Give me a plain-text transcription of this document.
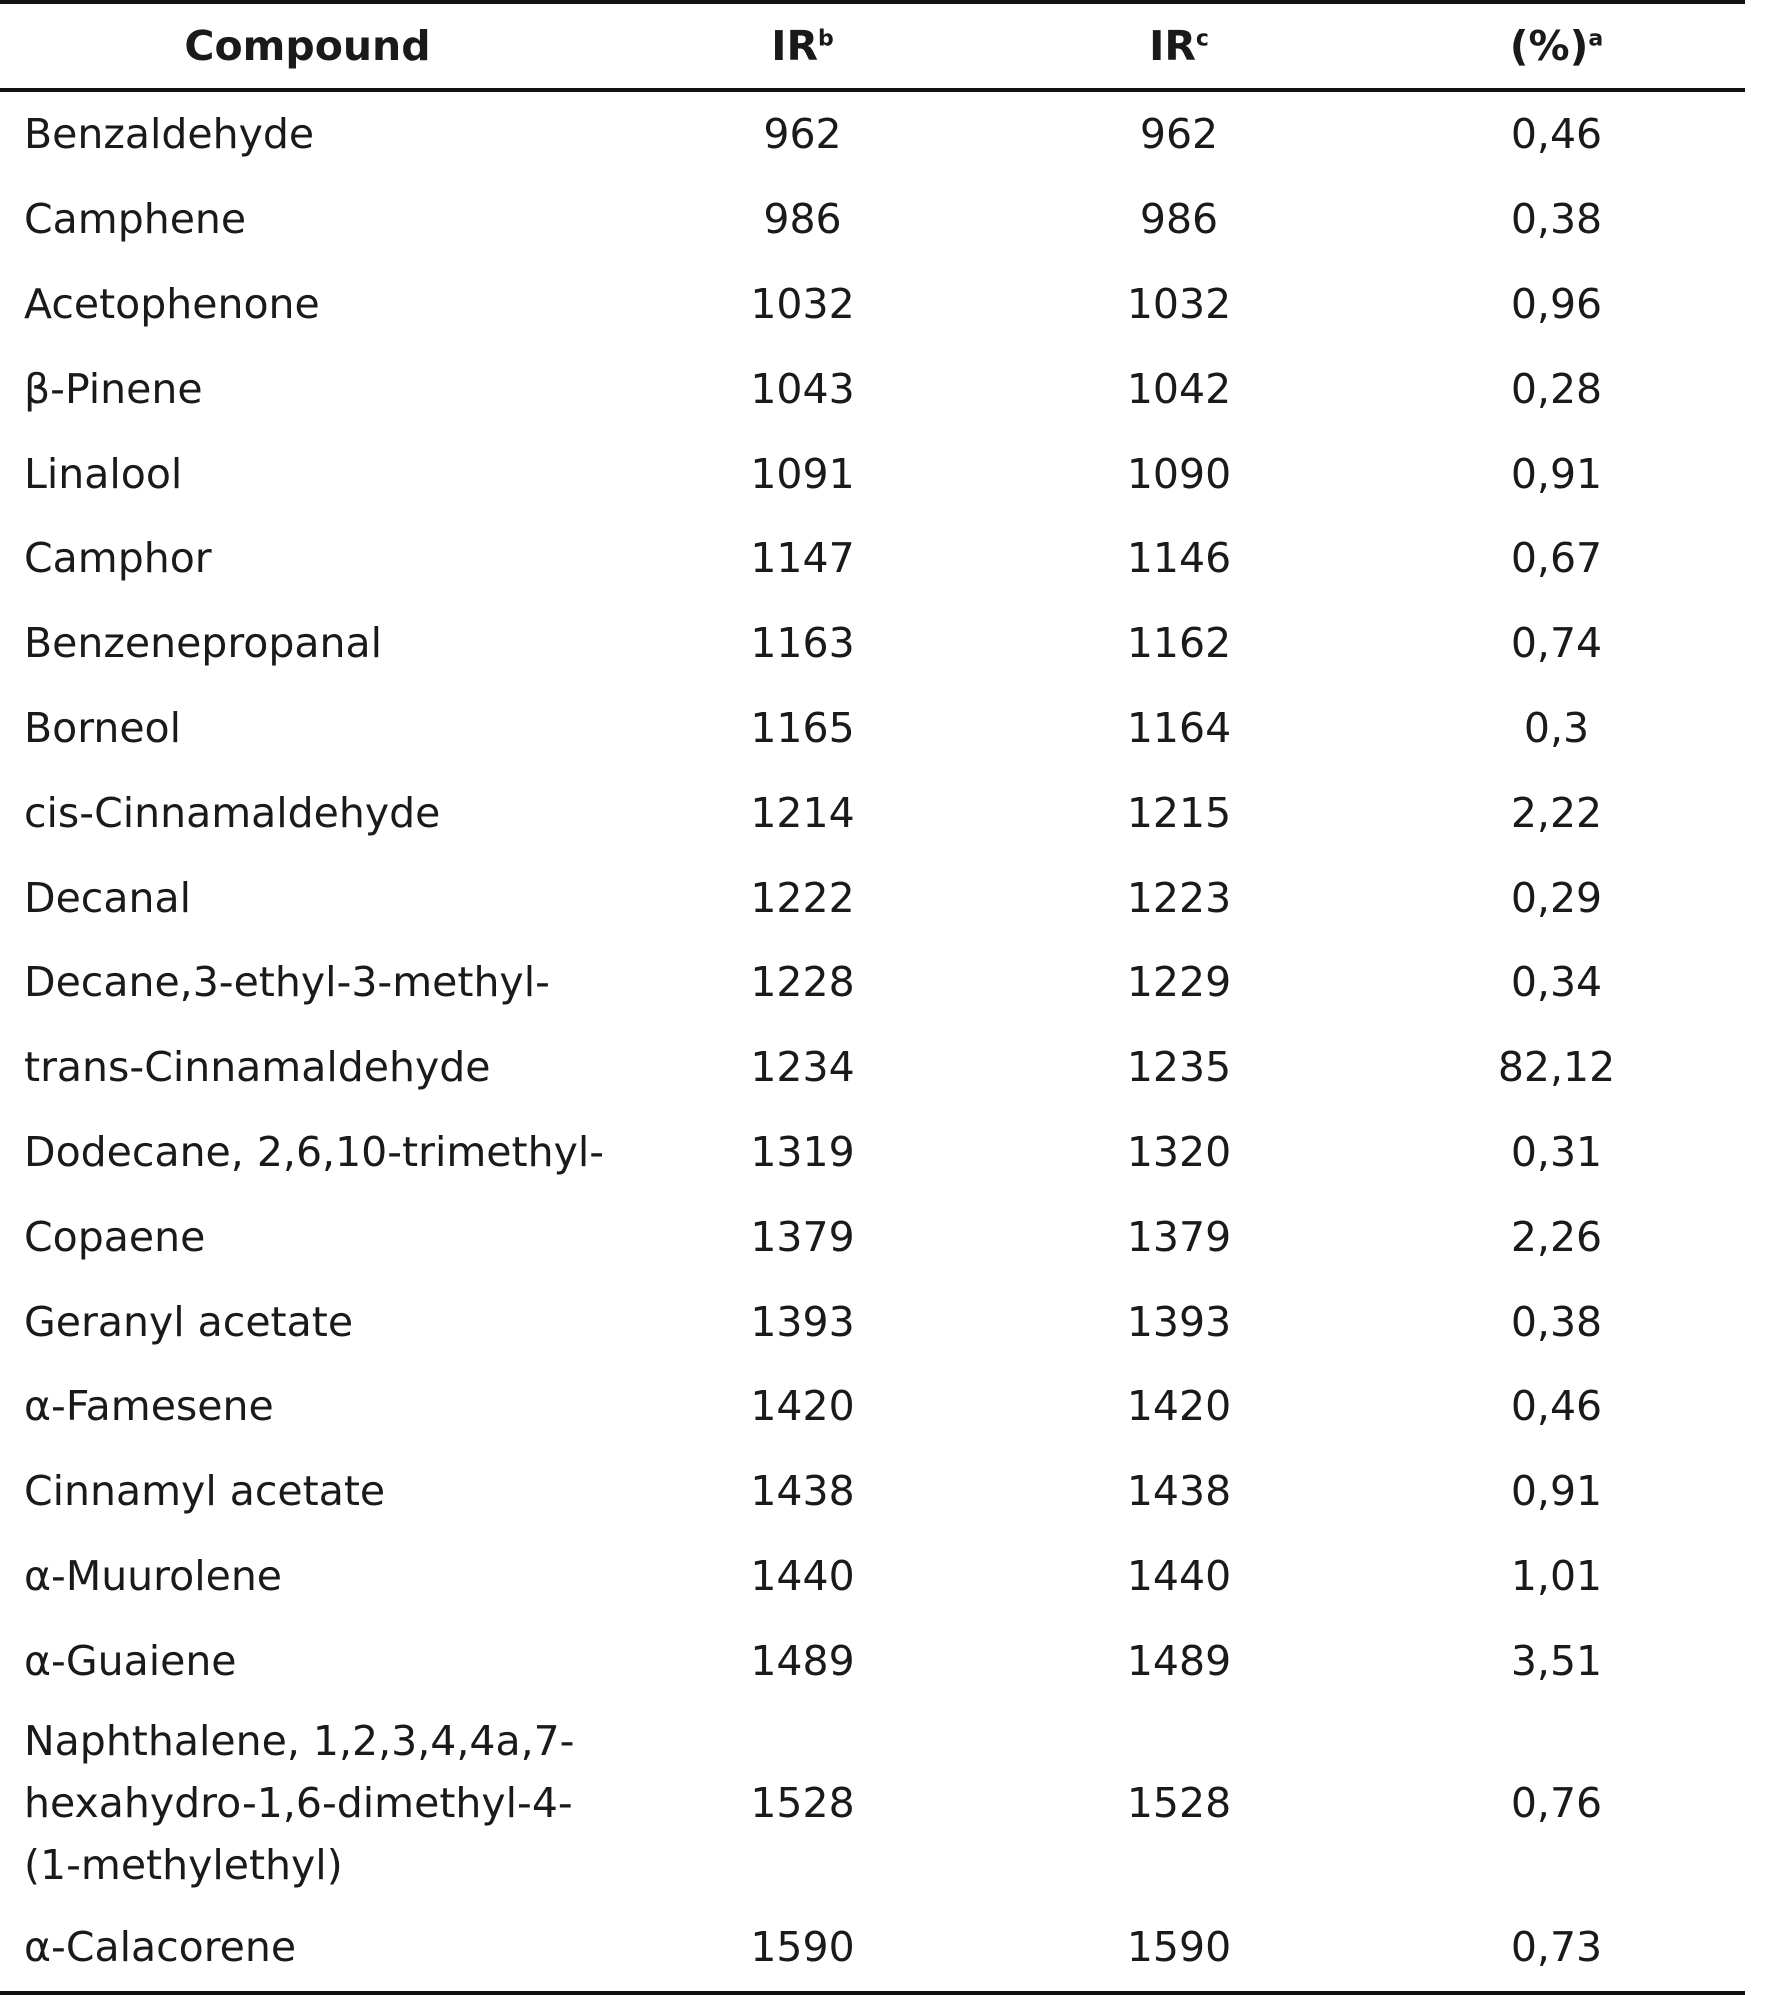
Compound	$IR^b$	$IR^c$	(%)$^a$
Benzaldehyde	962	962	0,46
Camphene	986	986	0,38
Acetophenone	1032	1032	0,96
β-Pinene	1043	1042	0,28
Linalool	1091	1090	0,91
Camphor	1147	1146	0,67
Benzenepropanal	1163	1162	0,74
Borneol	1165	1164	0,3
cis-Cinnamaldehyde	1214	1215	2,22
Decanal	1222	1223	0,29
Decane,3-ethyl-3-methyl-	1228	1229	0,34
trans-Cinnamaldehyde	1234	1235	82,12
Dodecane, 2,6,10-trimethyl-	1319	1320	0,31
Copaene	1379	1379	2,26
Geranyl acetate	1393	1393	0,38
α-Famesene	1420	1420	0,46
Cinnamyl acetate	1438	1438	0,91
α-Muurolene	1440	1440	1,01
α-Guaiene	1489	1489	3,51
Naphthalene, 1,2,3,4,4a,7-
hexahydro-1,6-dimethyl-4-
(1-methylethyl)	1528	1528	0,76
α-Calacorene	1590	1590	0,73
